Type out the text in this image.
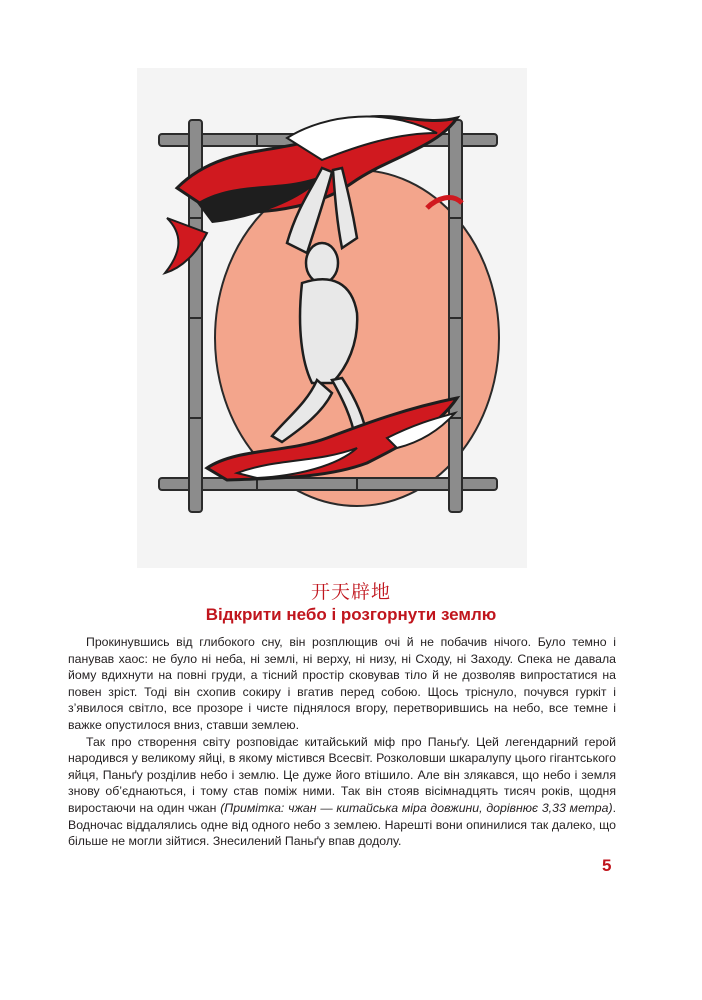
开天辟地
Відкрити небо і розгорнути землю

Прокинувшись від глибокого сну, він розплющив очі й не побачив нічого. Було темно і панував хаос: не було ні неба, ні землі, ні верху, ні низу, ні Сходу, ні Заходу. Спека не давала йому вдихнути на повні груди, а тісний простір сковував тіло й не дозволяв випростатися на повен зріст. Тоді він схопив сокиру і вгатив перед собою. Щось тріснуло, почувся гуркіт і з’явилося світло, все прозоре і чисте піднялося вгору, перетворившись на небо, все темне і важке опустилося вниз, ставши землею.

Так про створення світу розповідає китайський міф про Паньґу. Цей легендарний герой народився у великому яйці, в якому містився Всесвіт. Розколовши шкаралупу цього гігантського яйця, Паньґу розділив небо і землю. Це дуже його втішило. Але він злякався, що небо і земля знову об’єднаються, і тому став поміж ними. Так він стояв вісімнадцять тисяч років, щодня виростаючи на один чжан (Примітка: чжан — китайська міра довжини, дорівнює 3,33 метра). Водночас віддалялись одне від одного небо з землею. Нарешті вони опинилися так далеко, що більше не могли зійтися. Знесилений Паньґу впав додолу.

5
